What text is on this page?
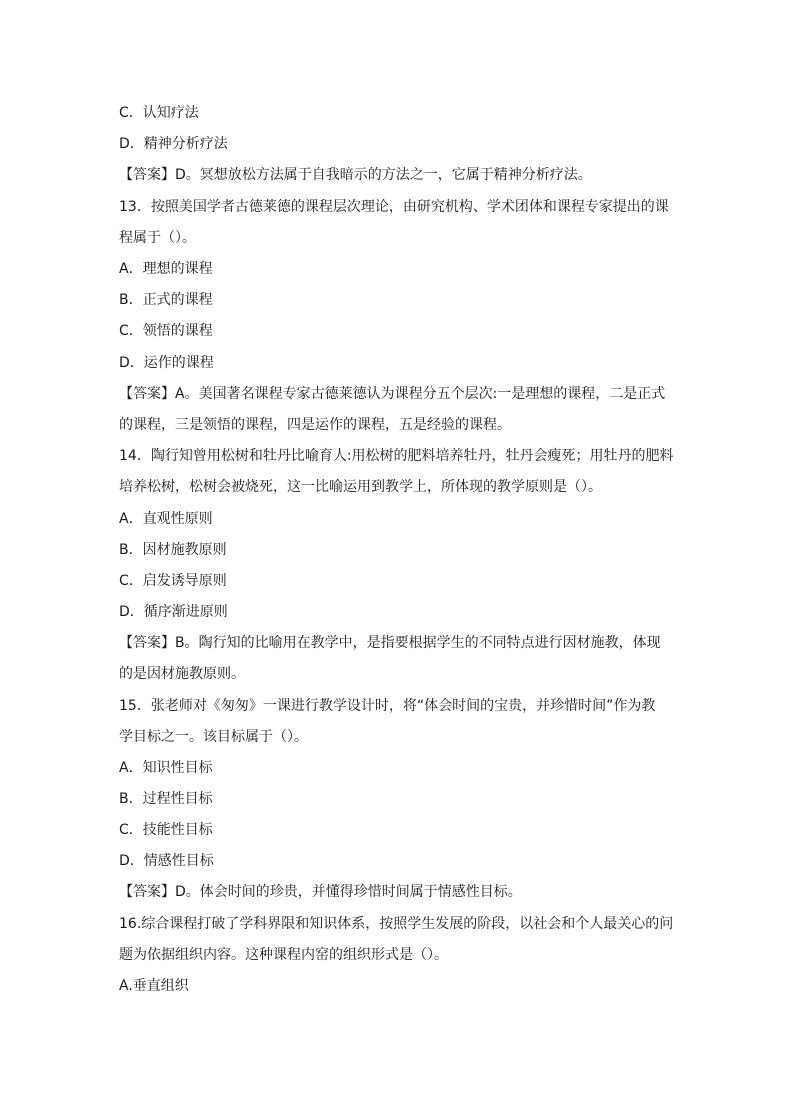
C．认知疗法
D．精神分析疗法
【答案】D。冥想放松方法属于自我暗示的方法之一，它属于精神分析疗法。
13．按照美国学者古德莱德的课程层次理论，由研究机构、学术团体和课程专家提出的课
程属于（）。
A．理想的课程
B．正式的课程
C．领悟的课程
D．运作的课程
【答案】A。美国著名课程专家古德莱德认为课程分五个层次:一是理想的课程，二是正式
的课程，三是领悟的课程，四是运作的课程，五是经验的课程。
14．陶行知曾用松树和牡丹比喻育人:用松树的肥料培养牡丹，牡丹会瘦死；用牡丹的肥料
培养松树，松树会被烧死，这一比喻运用到教学上，所体现的教学原则是（）。
A．直观性原则
B．因材施教原则
C．启发诱导原则
D．循序渐进原则
【答案】B。陶行知的比喻用在教学中，是指要根据学生的不同特点进行因材施教，体现
的是因材施教原则。
15．张老师对《匆匆》一课进行教学设计时，将“体会时间的宝贵，并珍惜时间”作为教
学目标之一。该目标属于（）。
A．知识性目标
B．过程性目标
C．技能性目标
D．情感性目标
【答案】D。体会时间的珍贵，并懂得珍惜时间属于情感性目标。
16.综合课程打破了学科界限和知识体系，按照学生发展的阶段，以社会和个人最关心的问
题为依据组织内容。这种课程内窑的组织形式是（）。
A.垂直组织
